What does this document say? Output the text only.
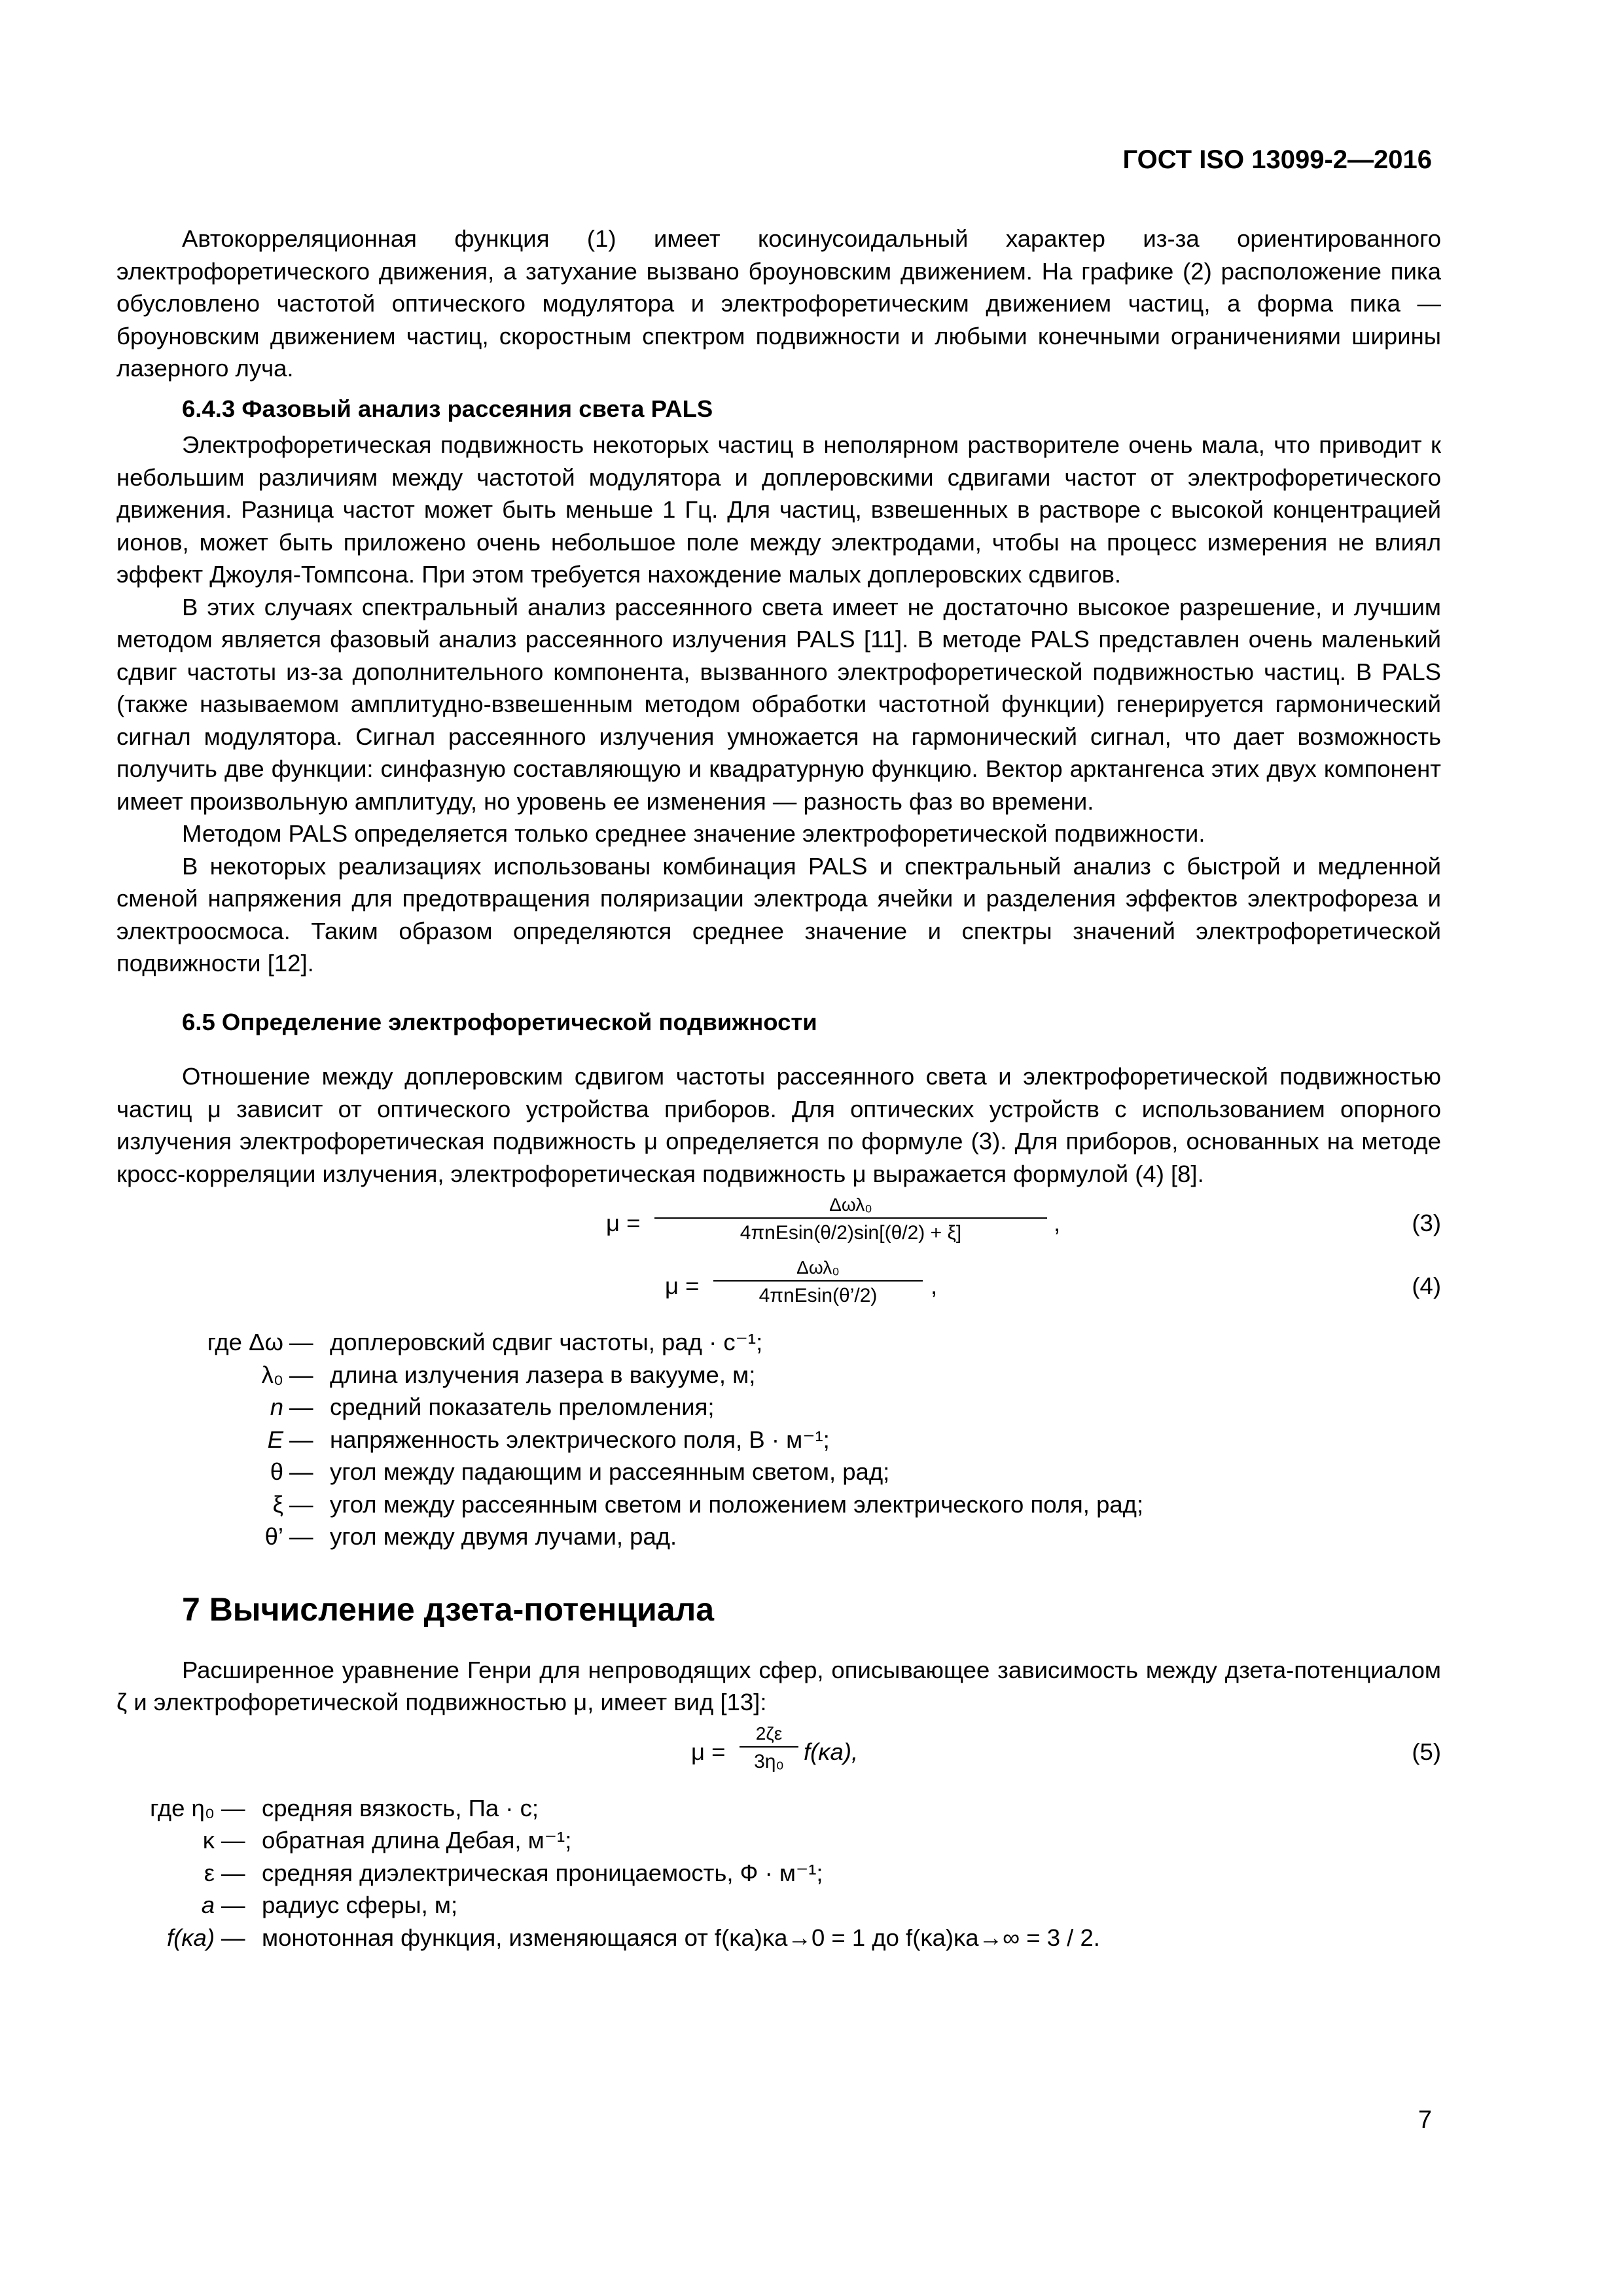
ГОСТ ISO 13099-2—2016

Автокорреляционная функция (1) имеет косинусоидальный характер из-за ориентированного электрофоретического движения, а затухание вызвано броуновским движением. На графике (2) расположение пика обусловлено частотой оптического модулятора и электрофоретическим движением частиц, а форма пика — броуновским движением частиц, скоростным спектром подвижности и любыми конечными ограничениями ширины лазерного луча.

6.4.3 Фазовый анализ рассеяния света PALS

Электрофоретическая подвижность некоторых частиц в неполярном растворителе очень мала, что приводит к небольшим различиям между частотой модулятора и доплеровскими сдвигами частот от электрофоретического движения. Разница частот может быть меньше 1 Гц. Для частиц, взвешенных в растворе с высокой концентрацией ионов, может быть приложено очень небольшое поле между электродами, чтобы на процесс измерения не влиял эффект Джоуля-Томпсона. При этом требуется нахождение малых доплеровских сдвигов.

В этих случаях спектральный анализ рассеянного света имеет не достаточно высокое разрешение, и лучшим методом является фазовый анализ рассеянного излучения PALS [11]. В методе PALS представлен очень маленький сдвиг частоты из-за дополнительного компонента, вызванного электрофоретической подвижностью частиц. В PALS (также называемом амплитудно-взвешенным методом обработки частотной функции) генерируется гармонический сигнал модулятора. Сигнал рассеянного излучения умножается на гармонический сигнал, что дает возможность получить две функции: синфазную составляющую и квадратурную функцию. Вектор арктангенса этих двух компонент имеет произвольную амплитуду, но уровень ее изменения — разность фаз во времени.

Методом PALS определяется только среднее значение электрофоретической подвижности.

В некоторых реализациях использованы комбинация PALS и спектральный анализ с быстрой и медленной сменой напряжения для предотвращения поляризации электрода ячейки и разделения эффектов электрофореза и электроосмоса. Таким образом определяются среднее значение и спектры значений электрофоретической подвижности [12].

6.5 Определение электрофоретической подвижности

Отношение между доплеровским сдвигом частоты рассеянного света и электрофоретической подвижностью частиц μ зависит от оптического устройства приборов. Для оптических устройств с использованием опорного излучения электрофоретическая подвижность μ определяется по формуле (3). Для приборов, основанных на методе кросс-корреляции излучения, электрофоретическая подвижность μ выражается формулой (4) [8].

μ =
Δωλ₀
4πnEsin(θ/2)sin[(θ/2) + ξ]	,	(3)
μ =
Δωλ₀
4πnEsin(θ’/2)	,	(4)
где Δω — доплеровский сдвиг частоты, рад · с⁻¹;
λ₀ — длина излучения лазера в вакууме, м;
n — средний показатель преломления;
E — напряженность электрического поля, В · м⁻¹;
θ — угол между падающим и рассеянным светом, рад;
ξ — угол между рассеянным светом и положением электрического поля, рад;
θ’ — угол между двумя лучами, рад.
7 Вычисление дзета-потенциала

Расширенное уравнение Генри для непроводящих сфер, описывающее зависимость между дзета-потенциалом ζ и электрофоретической подвижностью μ, имеет вид [13]:

$\mu = \frac{2\zeta\varepsilon}{\text{3η₀}} f(\kappa a)$,	(5)
где η₀ — средняя вязкость, Па · с;
κ — обратная длина Дебая, м⁻¹;
ε — средняя диэлектрическая проницаемость, Ф · м⁻¹;
a — радиус сферы, м;
f(κa) — монотонная функция, изменяющаяся от f(κa)κa→0 = 1 до f(κa)κa→∞ = 3 / 2.
7
